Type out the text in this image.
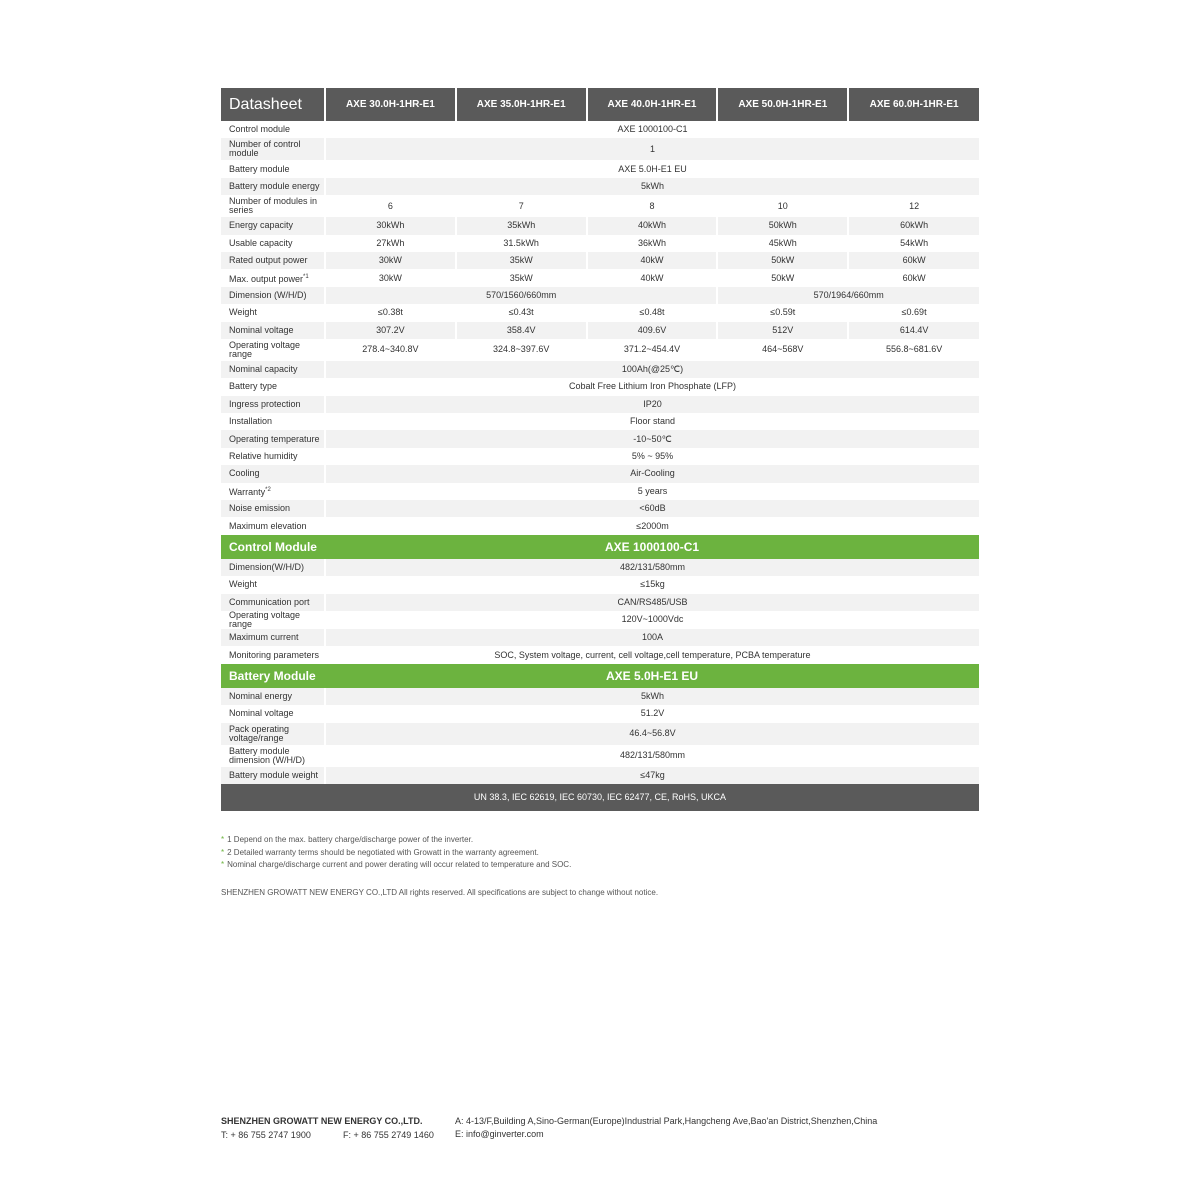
Datasheet	AXE 30.0H-1HR-E1	AXE 35.0H-1HR-E1	AXE 40.0H-1HR-E1	AXE 50.0H-1HR-E1	AXE 60.0H-1HR-E1
Control module	AXE 1000100-C1				
Number of control module	1				
Battery module	AXE 5.0H-E1 EU				
Battery module energy	5kWh				
Number of modules in series	6	7	8	10	12
Energy capacity	30kWh	35kWh	40kWh	50kWh	60kWh
Usable capacity	27kWh	31.5kWh	36kWh	45kWh	54kWh
Rated output power	30kW	35kW	40kW	50kW	60kW
Max. output power$^{*1}$	30kW	35kW	40kW	50kW	60kW
Dimension (W/H/D)	570/1560/660mm			570/1964/660mm	
Weight	≤0.38t	≤0.43t	≤0.48t	≤0.59t	≤0.69t
Nominal voltage	307.2V	358.4V	409.6V	512V	614.4V
Operating voltage range	278.4~340.8V	324.8~397.6V	371.2~454.4V	464~568V	556.8~681.6V
Nominal capacity	100Ah(@25℃)				
Battery type	Cobalt Free Lithium Iron Phosphate (LFP)				
Ingress protection	IP20				
Installation	Floor stand				
Operating temperature	-10~50℃				
Relative humidity	5% ~ 95%				
Cooling	Air-Cooling				
Warranty$^{*2}$	5 years				
Noise emission	<60dB				
Maximum elevation	≤2000m				
Control Module	AXE 1000100-C1				
Dimension(W/H/D)	482/131/580mm				
Weight	≤15kg				
Communication port	CAN/RS485/USB				
Operating voltage range	120V~1000Vdc				
Maximum current	100A				
Monitoring parameters	SOC, System voltage, current, cell voltage,cell temperature, PCBA temperature				
Battery Module	AXE 5.0H-E1 EU				
Nominal energy	5kWh				
Nominal voltage	51.2V				
Pack operating voltage/range	46.4~56.8V				
Battery module dimension (W/H/D)	482/131/580mm				
Battery module weight	≤47kg				
UN 38.3, IEC 62619, IEC 60730, IEC 62477, CE, RoHS, UKCA					
* 1 Depend on the max. battery charge/discharge power of the inverter.
* 2 Detailed warranty terms should be negotiated with Growatt in the warranty agreement.
* Nominal charge/discharge current and power derating will occur related to temperature and SOC.
SHENZHEN GROWATT NEW ENERGY CO.,LTD All rights reserved. All specifications are subject to change without notice.
SHENZHEN GROWATT NEW ENERGY CO.,LTD.
T: + 86 755 2747 1900	F: + 86 755 2749 1460
A: 4-13/F,Building A,Sino-German(Europe)Industrial Park,Hangcheng Ave,Bao'an District,Shenzhen,China
E: info@ginverter.com
